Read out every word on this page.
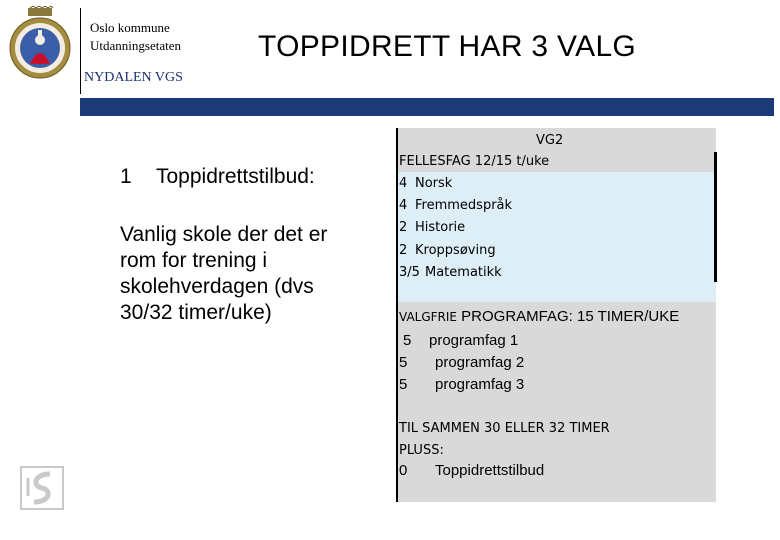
Oslo kommune
Utdanningsetaten	TOPPIDRETT HAR 3 VALG
NYDALEN VGS
1 Toppidrettstilbud:
Vanlig skole der det er rom for trening i skolehverdagen (dvs 30/32 timer/uke)
VG2
FELLESFAG 12/15 t/uke
4 Norsk
4 Fremmedspråk
2 Historie
2 Kroppsøving
3/5 Matematikk
VALGFRIE PROGRAMFAG: 15 TIMER/UKE
5 programfag 1
5 programfag 2
5 programfag 3
TIL SAMMEN 30 ELLER 32 TIMER
PLUSS:
0 Toppidrettstilbud
